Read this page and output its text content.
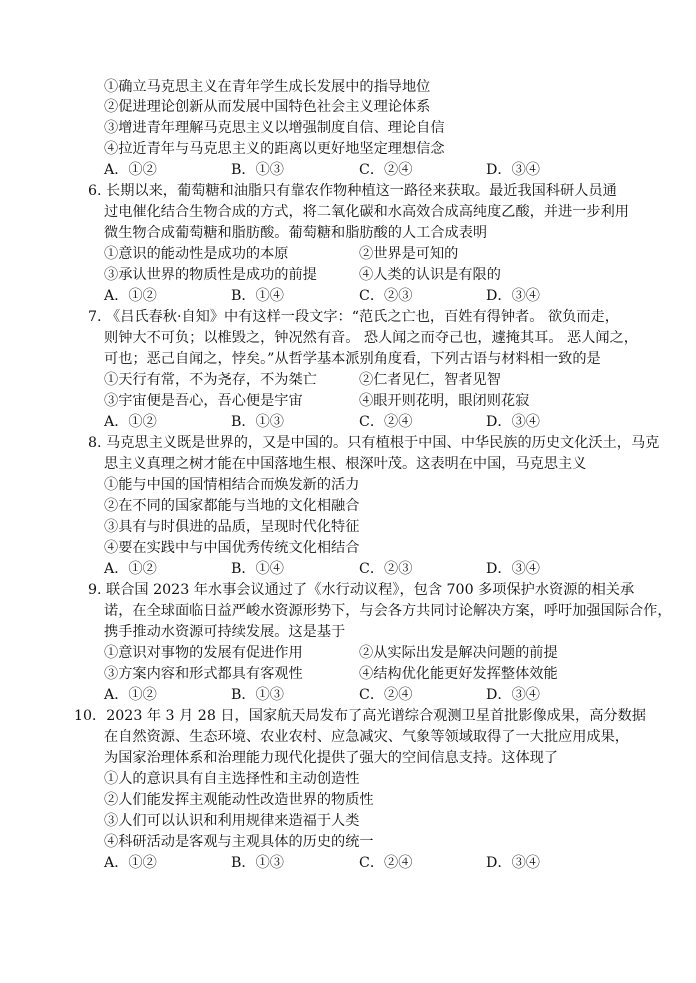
①确立马克思主义在青年学生成长发展中的指导地位
②促进理论创新从而发展中国特色社会主义理论体系
③增进青年理解马克思主义以增强制度自信、理论自信
④拉近青年与马克思主义的距离以更好地坚定理想信念
A．①②	B．①③	C．②④	D．③④
6. 长期以来，葡萄糖和油脂只有靠农作物种植这一路径来获取。最近我国科研人员通
过电催化结合生物合成的方式，将二氧化碳和水高效合成高纯度乙酸，并进一步利用
微生物合成葡萄糖和脂肪酸。葡萄糖和脂肪酸的人工合成表明
①意识的能动性是成功的本原	②世界是可知的
③承认世界的物质性是成功的前提	④人类的认识是有限的
A．①②	B．①④	C．②③	D．③④
7. 《吕氏春秋·自知》中有这样一段文字：“范氏之亡也，百姓有得钟者。 欲负而走，
则钟大不可负；以椎毁之，钟况然有音。 恐人闻之而夺己也，遽掩其耳。 恶人闻之，
可也；恶己自闻之，悖矣。”从哲学基本派别角度看，下列古语与材料相一致的是
①天行有常，不为尧存，不为桀亡	②仁者见仁，智者见智
③宇宙便是吾心，吾心便是宇宙	④眼开则花明，眼闭则花寂
A．①②	B．①③	C．②④	D．③④
8. 马克思主义既是世界的，又是中国的。只有植根于中国、中华民族的历史文化沃土，马克
思主义真理之树才能在中国落地生根、根深叶茂。这表明在中国，马克思主义
①能与中国的国情相结合而焕发新的活力
②在不同的国家都能与当地的文化相融合
③具有与时俱进的品质，呈现时代化特征
④要在实践中与中国优秀传统文化相结合
A．①②	B．①④	C．②③	D．③④
9. 联合国 2023 年水事会议通过了《水行动议程》，包含 700 多项保护水资源的相关承
诺，在全球面临日益严峻水资源形势下，与会各方共同讨论解决方案，呼吁加强国际合作，
携手推动水资源可持续发展。这是基于
①意识对事物的发展有促进作用	②从实际出发是解决问题的前提
③方案内容和形式都具有客观性	④结构优化能更好发挥整体效能
A．①②	B．①③	C．②④	D．③④
10．2023 年 3 月 28 日，国家航天局发布了高光谱综合观测卫星首批影像成果，高分数据
在自然资源、生态环境、农业农村、应急减灾、气象等领域取得了一大批应用成果，
为国家治理体系和治理能力现代化提供了强大的空间信息支持。这体现了
①人的意识具有自主选择性和主动创造性
②人们能发挥主观能动性改造世界的物质性
③人们可以认识和利用规律来造福于人类
④科研活动是客观与主观具体的历史的统一
A．①②	B．①③	C．②④	D．③④
